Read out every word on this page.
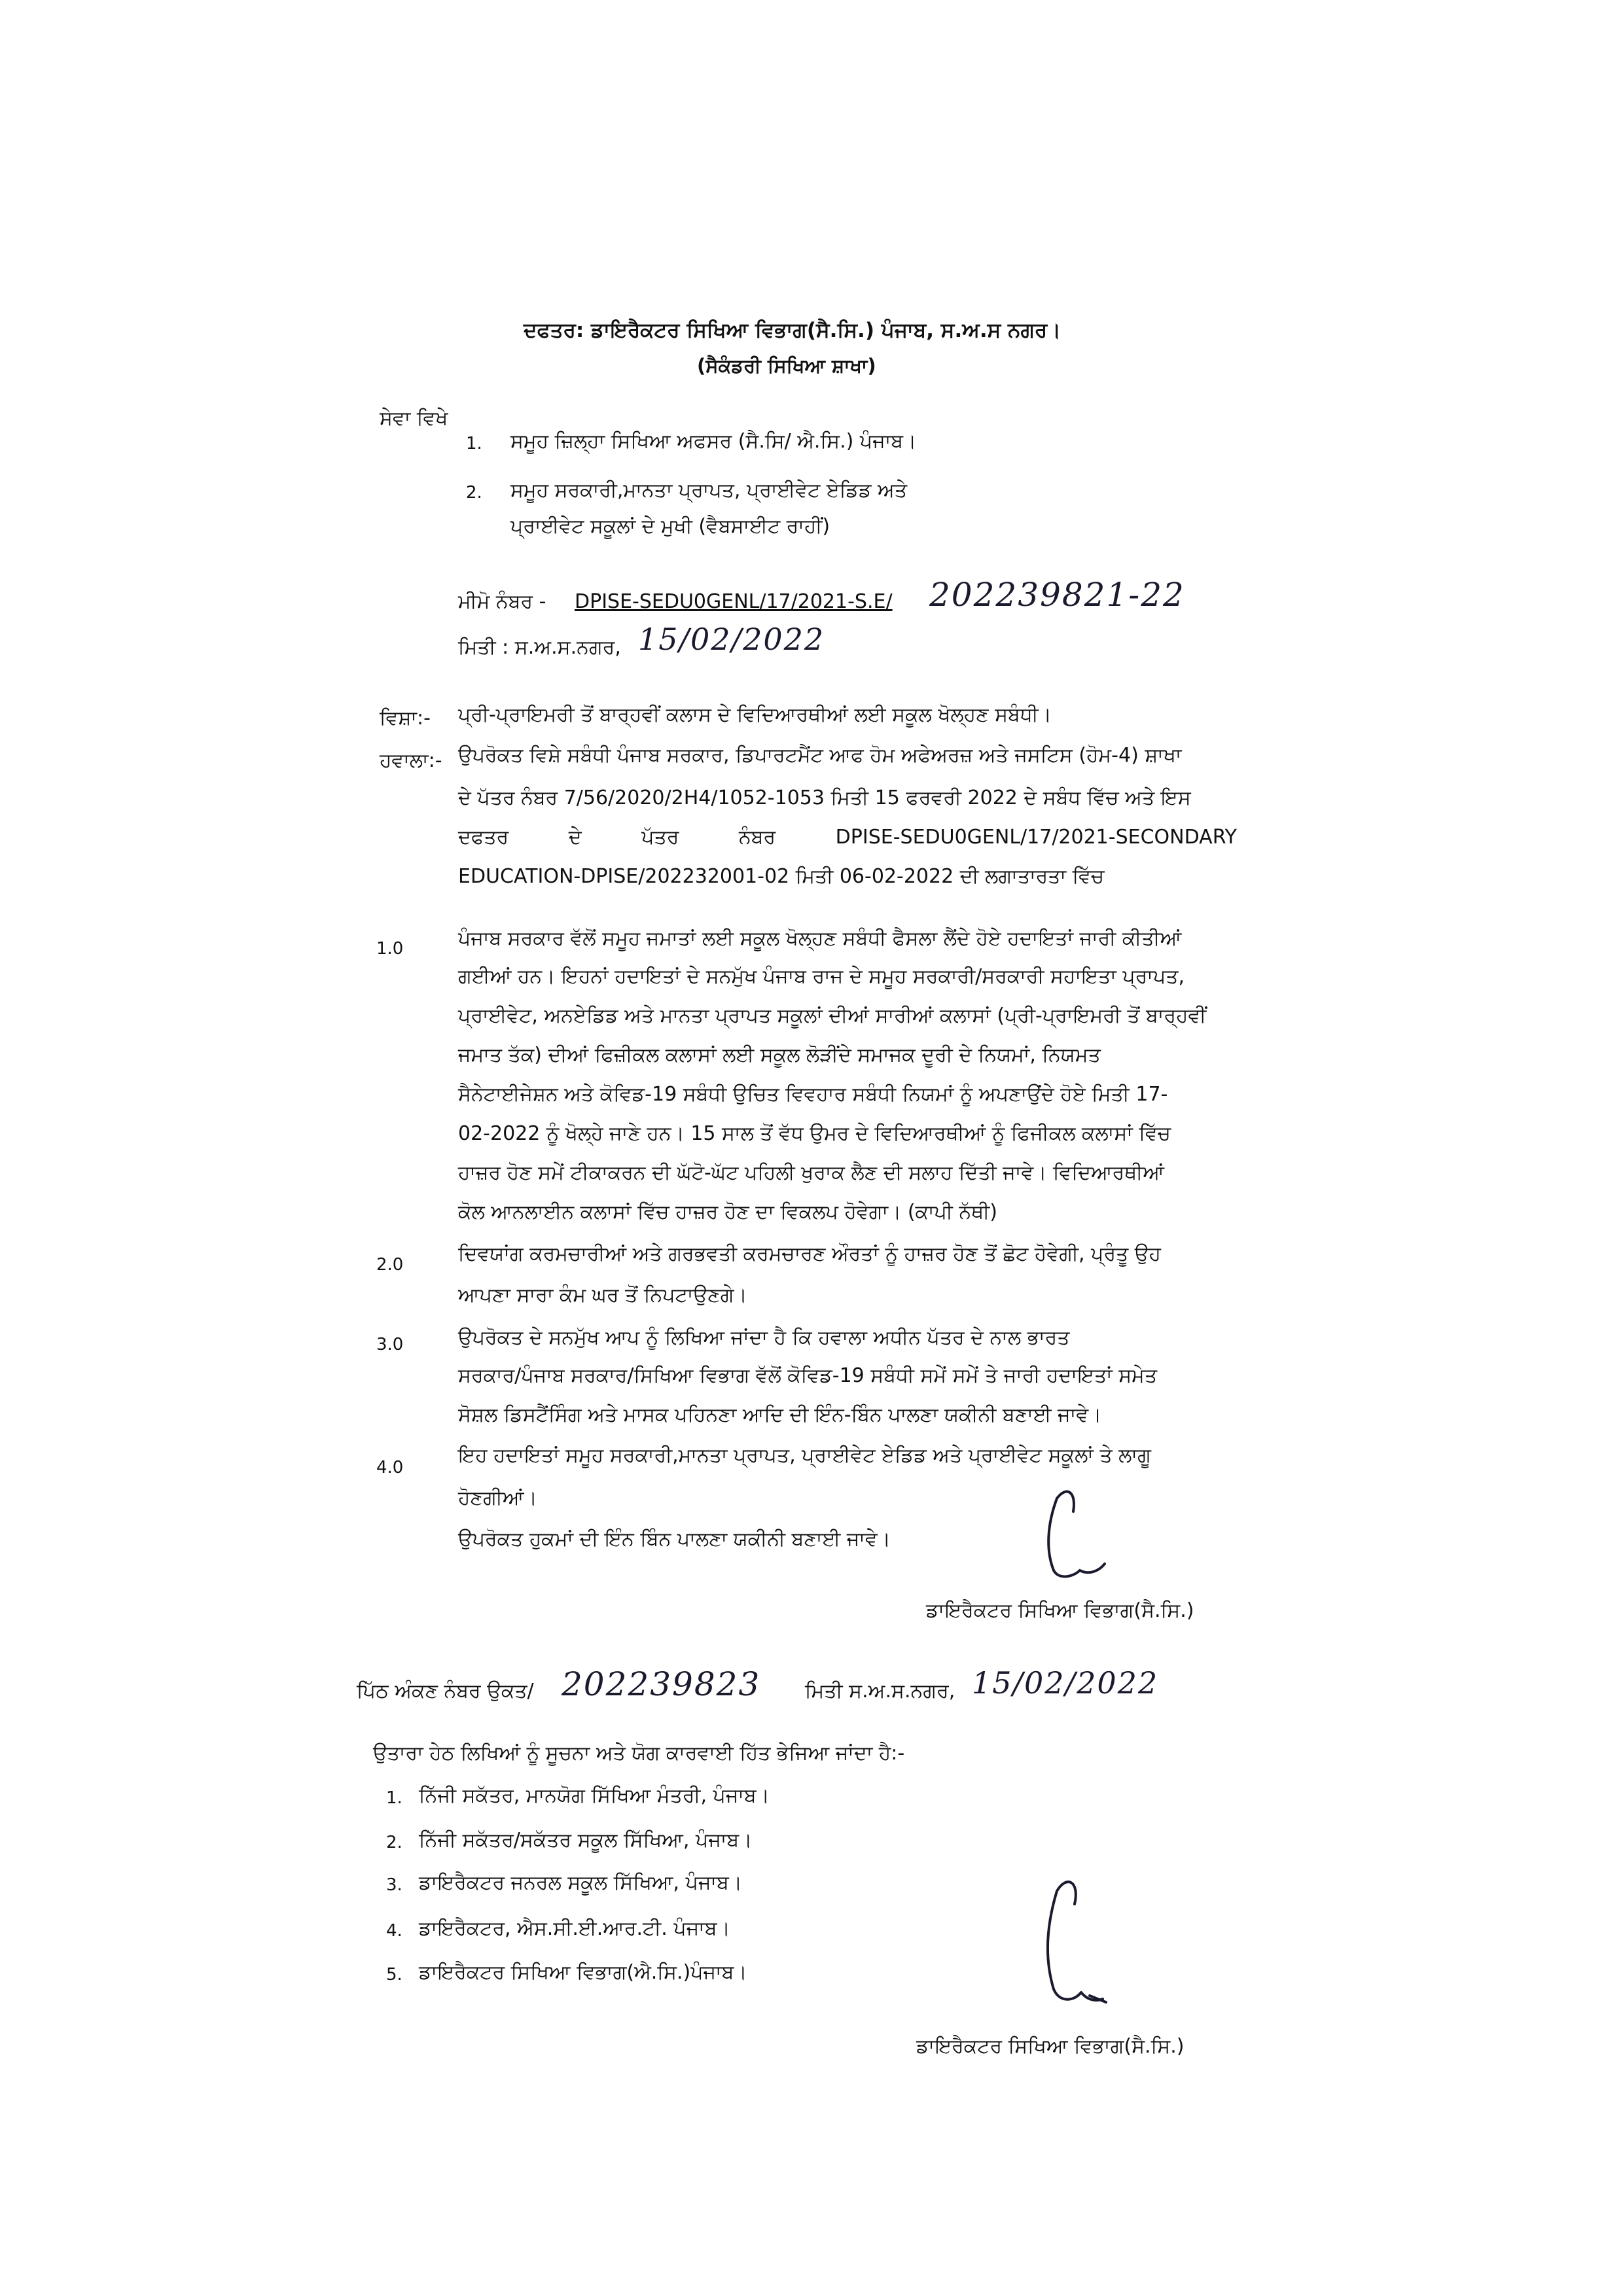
ਦਫਤਰ: ਡਾਇਰੈਕਟਰ ਸਿਖਿਆ ਵਿਭਾਗ(ਸੈ.ਸਿ.) ਪੰਜਾਬ, ਸ.ਅ.ਸ ਨਗਰ।
(ਸੈਕੰਡਰੀ ਸਿਖਿਆ ਸ਼ਾਖਾ)
ਸੇਵਾ ਵਿਖੇ
1. ਸਮੂਹ ਜ਼ਿਲ੍ਹਾ ਸਿਖਿਆ ਅਫਸਰ (ਸੈ.ਸਿ/ ਐ.ਸਿ.) ਪੰਜਾਬ।
2. ਸਮੂਹ ਸਰਕਾਰੀ,ਮਾਨਤਾ ਪ੍ਰਾਪਤ, ਪ੍ਰਾਈਵੇਟ ਏਡਿਡ ਅਤੇ
ਪ੍ਰਾਈਵੇਟ ਸਕੂਲਾਂ ਦੇ ਮੁਖੀ (ਵੈਬਸਾਈਟ ਰਾਹੀਂ)
ਮੀਮੋ ਨੰਬਰ - DPISE-SEDU0GENL/17/2021-S.E/ 202239821-22
ਮਿਤੀ : ਸ.ਅ.ਸ.ਨਗਰ, 15/02/2022
ਵਿਸ਼ਾ:- ਪ੍ਰੀ-ਪ੍ਰਾਇਮਰੀ ਤੋਂ ਬਾਰ੍ਹਵੀਂ ਕਲਾਸ ਦੇ ਵਿਦਿਆਰਥੀਆਂ ਲਈ ਸਕੂਲ ਖੋਲ੍ਹਣ ਸਬੰਧੀ।
ਹਵਾਲਾ:- ਉਪਰੋਕਤ ਵਿਸ਼ੇ ਸਬੰਧੀ ਪੰਜਾਬ ਸਰਕਾਰ, ਡਿਪਾਰਟਮੈਂਟ ਆਫ ਹੋਮ ਅਫੇਅਰਜ਼ ਅਤੇ ਜਸਟਿਸ (ਹੋਮ-4) ਸ਼ਾਖਾ
ਦੇ ਪੱਤਰ ਨੰਬਰ 7/56/2020/2H4/1052-1053 ਮਿਤੀ 15 ਫਰਵਰੀ 2022 ਦੇ ਸਬੰਧ ਵਿੱਚ ਅਤੇ ਇਸ
ਦਫਤਰ	ਦੇ	ਪੱਤਰ	ਨੰਬਰ	DPISE-SEDU0GENL/17/2021-SECONDARY
EDUCATION-DPISE/202232001-02 ਮਿਤੀ 06-02-2022 ਦੀ ਲਗਾਤਾਰਤਾ ਵਿੱਚ
1.0	ਪੰਜਾਬ ਸਰਕਾਰ ਵੱਲੋਂ ਸਮੂਹ ਜਮਾਤਾਂ ਲਈ ਸਕੂਲ ਖੋਲ੍ਹਣ ਸਬੰਧੀ ਫੈਸਲਾ ਲੈਂਦੇ ਹੋਏ ਹਦਾਇਤਾਂ ਜਾਰੀ ਕੀਤੀਆਂ
ਗਈਆਂ ਹਨ। ਇਹਨਾਂ ਹਦਾਇਤਾਂ ਦੇ ਸਨਮੁੱਖ ਪੰਜਾਬ ਰਾਜ ਦੇ ਸਮੂਹ ਸਰਕਾਰੀ/ਸਰਕਾਰੀ ਸਹਾਇਤਾ ਪ੍ਰਾਪਤ,
ਪ੍ਰਾਈਵੇਟ, ਅਨਏਡਿਡ ਅਤੇ ਮਾਨਤਾ ਪ੍ਰਾਪਤ ਸਕੂਲਾਂ ਦੀਆਂ ਸਾਰੀਆਂ ਕਲਾਸਾਂ (ਪ੍ਰੀ-ਪ੍ਰਾਇਮਰੀ ਤੋਂ ਬਾਰ੍ਹਵੀਂ
ਜਮਾਤ ਤੱਕ) ਦੀਆਂ ਫਿਜ਼ੀਕਲ ਕਲਾਸਾਂ ਲਈ ਸਕੂਲ ਲੋੜੀਂਦੇ ਸਮਾਜਕ ਦੂਰੀ ਦੇ ਨਿਯਮਾਂ, ਨਿਯਮਤ
ਸੈਨੇਟਾਈਜੇਸ਼ਨ ਅਤੇ ਕੋਵਿਡ-19 ਸਬੰਧੀ ਉਚਿਤ ਵਿਵਹਾਰ ਸਬੰਧੀ ਨਿਯਮਾਂ ਨੂੰ ਅਪਣਾਉਂਦੇ ਹੋਏ ਮਿਤੀ 17-
02-2022 ਨੂੰ ਖੋਲ੍ਹੇ ਜਾਣੇ ਹਨ। 15 ਸਾਲ ਤੋਂ ਵੱਧ ਉਮਰ ਦੇ ਵਿਦਿਆਰਥੀਆਂ ਨੂੰ ਫਿਜੀਕਲ ਕਲਾਸਾਂ ਵਿੱਚ
ਹਾਜ਼ਰ ਹੋਣ ਸਮੇਂ ਟੀਕਾਕਰਨ ਦੀ ਘੱਟੋ-ਘੱਟ ਪਹਿਲੀ ਖੁਰਾਕ ਲੈਣ ਦੀ ਸਲਾਹ ਦਿੱਤੀ ਜਾਵੇ। ਵਿਦਿਆਰਥੀਆਂ
ਕੋਲ ਆਨਲਾਈਨ ਕਲਾਸਾਂ ਵਿੱਚ ਹਾਜ਼ਰ ਹੋਣ ਦਾ ਵਿਕਲਪ ਹੋਵੇਗਾ। (ਕਾਪੀ ਨੱਥੀ)
2.0	ਦਿਵਯਾਂਗ ਕਰਮਚਾਰੀਆਂ ਅਤੇ ਗਰਭਵਤੀ ਕਰਮਚਾਰਣ ਔਰਤਾਂ ਨੂੰ ਹਾਜ਼ਰ ਹੋਣ ਤੋਂ ਛੋਟ ਹੋਵੇਗੀ, ਪ੍ਰੰਤੂ ਉਹ
ਆਪਣਾ ਸਾਰਾ ਕੰਮ ਘਰ ਤੋਂ ਨਿਪਟਾਉਣਗੇ।
3.0	ਉਪਰੋਕਤ ਦੇ ਸਨਮੁੱਖ ਆਪ ਨੂੰ ਲਿਖਿਆ ਜਾਂਦਾ ਹੈ ਕਿ ਹਵਾਲਾ ਅਧੀਨ ਪੱਤਰ ਦੇ ਨਾਲ ਭਾਰਤ
ਸਰਕਾਰ/ਪੰਜਾਬ ਸਰਕਾਰ/ਸਿਖਿਆ ਵਿਭਾਗ ਵੱਲੋਂ ਕੋਵਿਡ-19 ਸਬੰਧੀ ਸਮੇਂ ਸਮੇਂ ਤੇ ਜਾਰੀ ਹਦਾਇਤਾਂ ਸਮੇਤ
ਸੋਸ਼ਲ ਡਿਸਟੈਂਸਿੰਗ ਅਤੇ ਮਾਸਕ ਪਹਿਨਣਾ ਆਦਿ ਦੀ ਇੰਨ-ਬਿੰਨ ਪਾਲਣਾ ਯਕੀਨੀ ਬਣਾਈ ਜਾਵੇ।
4.0
ਇਹ ਹਦਾਇਤਾਂ ਸਮੂਹ ਸਰਕਾਰੀ,ਮਾਨਤਾ ਪ੍ਰਾਪਤ, ਪ੍ਰਾਈਵੇਟ ਏਡਿਡ ਅਤੇ ਪ੍ਰਾਈਵੇਟ ਸਕੂਲਾਂ ਤੇ ਲਾਗੂ
ਹੋਣਗੀਆਂ।
ਉਪਰੋਕਤ ਹੁਕਮਾਂ ਦੀ ਇੰਨ ਬਿੰਨ ਪਾਲਣਾ ਯਕੀਨੀ ਬਣਾਈ ਜਾਵੇ।
ਡਾਇਰੈਕਟਰ ਸਿਖਿਆ ਵਿਭਾਗ(ਸੈ.ਸਿ.)
ਪਿੱਠ ਅੰਕਣ ਨੰਬਰ ਉਕਤ/ 202239823 ਮਿਤੀ ਸ.ਅ.ਸ.ਨਗਰ, 15/02/2022
ਉਤਾਰਾ ਹੇਠ ਲਿਖਿਆਂ ਨੂੰ ਸੂਚਨਾ ਅਤੇ ਯੋਗ ਕਾਰਵਾਈ ਹਿੱਤ ਭੇਜਿਆ ਜਾਂਦਾ ਹੈ:-
1. ਨਿੱਜੀ ਸਕੱਤਰ, ਮਾਨਯੋਗ ਸਿੱਖਿਆ ਮੰਤਰੀ, ਪੰਜਾਬ।
2. ਨਿੱਜੀ ਸਕੱਤਰ/ਸਕੱਤਰ ਸਕੂਲ ਸਿੱਖਿਆ, ਪੰਜਾਬ।
3. ਡਾਇਰੈਕਟਰ ਜਨਰਲ ਸਕੂਲ ਸਿੱਖਿਆ, ਪੰਜਾਬ।
4. ਡਾਇਰੈਕਟਰ, ਐਸ.ਸੀ.ਈ.ਆਰ.ਟੀ. ਪੰਜਾਬ।
5. ਡਾਇਰੈਕਟਰ ਸਿਖਿਆ ਵਿਭਾਗ(ਐ.ਸਿ.)ਪੰਜਾਬ।
ਡਾਇਰੈਕਟਰ ਸਿਖਿਆ ਵਿਭਾਗ(ਸੈ.ਸਿ.)
